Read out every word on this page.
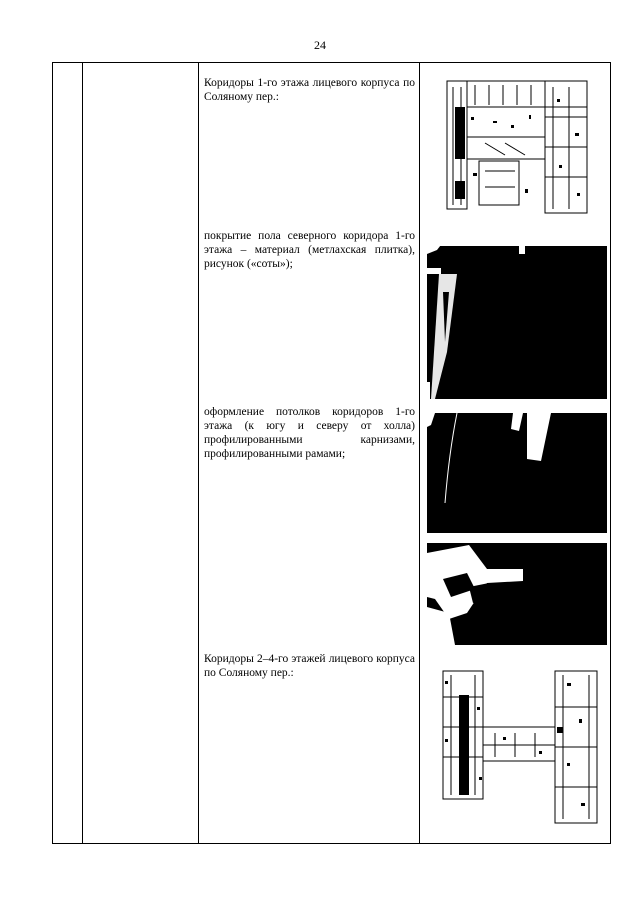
24

Коридоры 1-го этажа лицевого корпуса по Соляному пер.:
покрытие пола северного коридора 1-го этажа – материал (метлахская плитка), рисунок («соты»);
оформление потолков коридоров 1-го этажа (к югу и северу от холла) профилированными карнизами, профилированными рамами;
Коридоры 2–4-го этажей лицевого корпуса по Соляному пер.:
